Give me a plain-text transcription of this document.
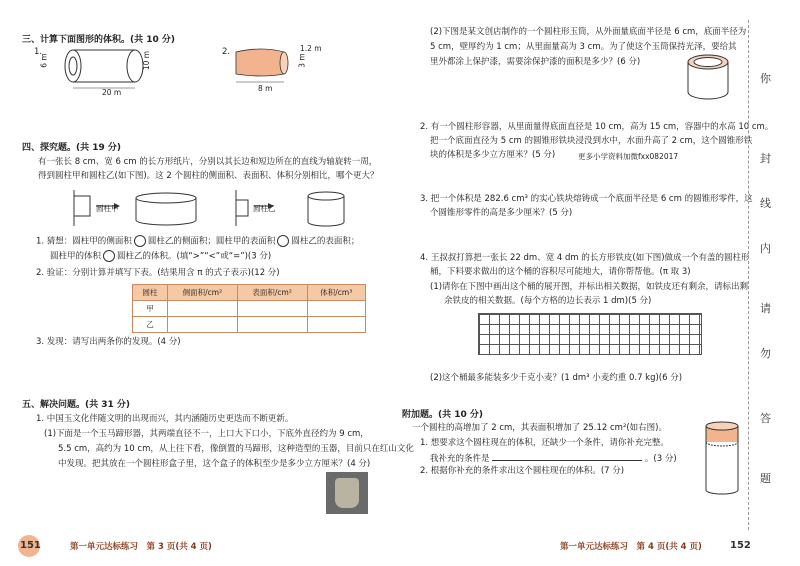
三、计算下面图形的体积。(共 10 分)
1.
6 m	10 m
20 m
2.	1.2 m
3 m
8 m
四、探究题。(共 19 分)
有一张长 8 cm、宽 6 cm 的长方形纸片，分别以其长边和短边所在的直线为轴旋转一周，
得到圆柱甲和圆柱乙(如下图)。这 2 个圆柱的侧面积、表面积、体积分别相比，哪个更大？
圆柱甲	圆柱乙
1. 猜想：圆柱甲的侧面积 圆柱乙的侧面积；圆柱甲的表面积 圆柱乙的表面积；
圆柱甲的体积 圆柱乙的体积。(填“>”“<”或“=”)(3 分)
2. 验证：分别计算并填写下表。(结果用含 π 的式子表示)(12 分)
圆柱	侧面积/cm²	表面积/cm²	体积/cm³
甲			
乙			
3. 发现：请写出两条你的发现。(4 分)
五、解决问题。(共 31 分)
1. 中国玉文化伴随文明的出现而兴，其内涵随历史更迭而不断更新。
(1)下面是一个玉马蹄形器，其两端直径不一，上口大下口小，下底外直径约为 9 cm，
5.5 cm，高约为 10 cm，从上往下看，像倒置的马蹄形，这种造型的玉器，目前只在红山文化
中发现。把其放在一个圆柱形盒子里，这个盒子的体积至少是多少立方厘米？(4 分)
151	第一单元达标练习　第 3 页(共 4 页)
(2)下图是某文创店制作的一个圆柱形玉筒，从外面量底面半径是 6 cm，底面半径为
5 cm，壁厚约为 1 cm；从里面量高为 3 cm。为了使这个玉筒保持光泽，要给其
里外都涂上保护漆，需要涂保护漆的面积是多少？(6 分)
2. 有一个圆柱形容器，从里面量得底面直径是 10 cm，高为 15 cm，容器中的水高 10 cm。
把一个底面直径为 5 cm 的圆锥形铁块浸没到水中，水面升高了 2 cm，这个圆锥形铁
块的体积是多少立方厘米？(5 分)	更多小学资料加微fxx082017
3. 把一个体积是 282.6 cm³ 的实心铁块熔铸成一个底面半径是 6 cm 的圆锥形零件，这
个圆锥形零件的高是多少厘米？(5 分)
4. 王叔叔打算把一张长 22 dm、宽 4 dm 的长方形铁皮(如下图)做成一个有盖的圆柱形
桶，下料要求做出的这个桶的容积尽可能地大，请你帮帮他。(π 取 3)
(1)请你在下图中画出这个桶的展开图，并标出相关数据，如铁皮还有剩余，请标出剩
余铁皮的相关数据。(每个方格的边长表示 1 dm)(5 分)
(2)这个桶最多能装多少千克小麦？(1 dm³ 小麦约重 0.7 kg)(6 分)
附加题。(共 10 分)
一个圆柱的高增加了 2 cm，其表面积增加了 25.12 cm²(如右图)。
1. 想要求这个圆柱现在的体积，还缺少一个条件，请你补充完整。
我补充的条件是	。(3 分)
2. 根据你补充的条件求出这个圆柱现在的体积。(7 分)
你
封
线
内
请
勿
答
题
第一单元达标练习　第 4 页(共 4 页)	152
